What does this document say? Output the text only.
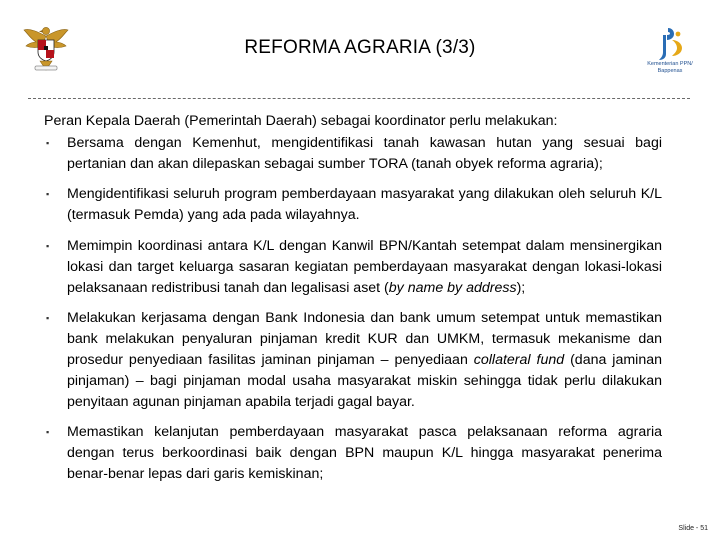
REFORMA AGRARIA (3/3)
Kementerian PPN/ Bappenas

Peran Kepala Daerah (Pemerintah Daerah) sebagai koordinator perlu melakukan:

▪ Bersama dengan Kemenhut, mengidentifikasi tanah kawasan hutan yang sesuai bagi pertanian dan akan dilepaskan sebagai sumber TORA (tanah obyek reforma agraria);
▪ Mengidentifikasi seluruh program pemberdayaan masyarakat yang dilakukan oleh seluruh K/L (termasuk Pemda) yang ada pada wilayahnya.
▪ Memimpin koordinasi antara K/L dengan Kanwil BPN/Kantah setempat dalam mensinergikan lokasi dan target keluarga sasaran kegiatan pemberdayaan masyarakat dengan lokasi-lokasi pelaksanaan redistribusi tanah dan legalisasi aset (by name by address);
▪ Melakukan kerjasama dengan Bank Indonesia dan bank umum setempat untuk memastikan bank melakukan penyaluran pinjaman kredit KUR dan UMKM, termasuk mekanisme dan prosedur penyediaan fasilitas jaminan pinjaman – penyediaan collateral fund (dana jaminan pinjaman) – bagi pinjaman modal usaha masyarakat miskin sehingga tidak perlu dilakukan penyitaan agunan pinjaman apabila terjadi gagal bayar.
▪ Memastikan kelanjutan pemberdayaan masyarakat pasca pelaksanaan reforma agraria dengan terus berkoordinasi baik dengan BPN maupun K/L hingga masyarakat penerima benar-benar lepas dari garis kemiskinan;
Slide - 51
